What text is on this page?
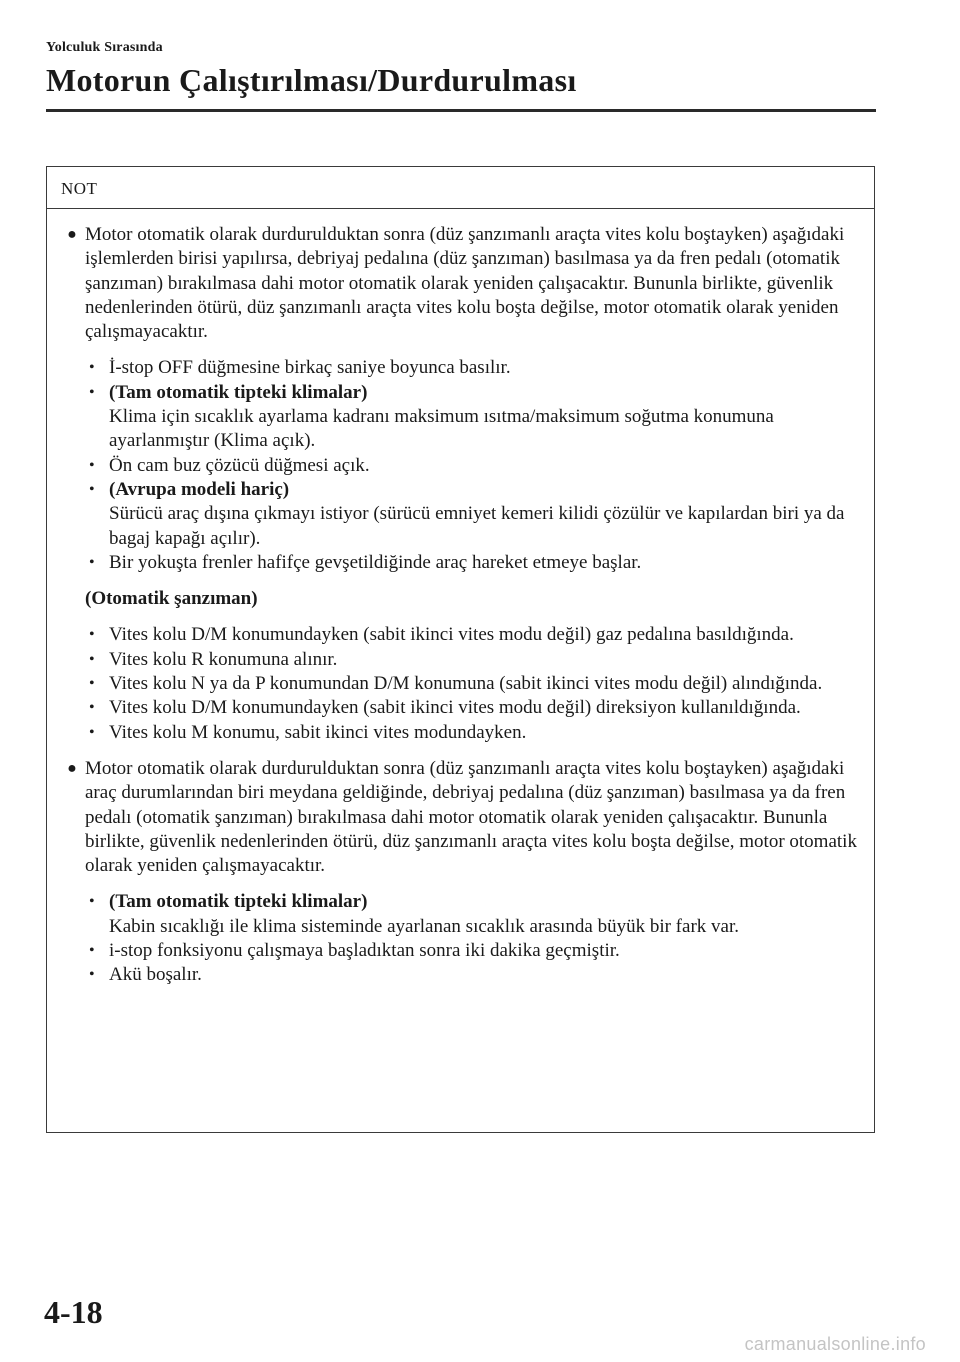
Yolculuk Sırasında
Motorun Çalıştırılması/Durdurulması
NOT
● Motor otomatik olarak durdurulduktan sonra (düz şanzımanlı araçta vites kolu boştayken) aşağıdaki işlemlerden birisi yapılırsa, debriyaj pedalına (düz şanzıman) basılmasa ya da fren pedalı (otomatik şanzıman) bırakılmasa dahi motor otomatik olarak yeniden çalışacaktır. Bununla birlikte, güvenlik nedenlerinden ötürü, düz şanzımanlı araçta vites kolu boşta değilse, motor otomatik olarak yeniden çalışmayacaktır.
• İ-stop OFF düğmesine birkaç saniye boyunca basılır.
• (Tam otomatik tipteki klimalar)
Klima için sıcaklık ayarlama kadranı maksimum ısıtma/maksimum soğutma konumuna ayarlanmıştır (Klima açık).
• Ön cam buz çözücü düğmesi açık.
• (Avrupa modeli hariç)
Sürücü araç dışına çıkmayı istiyor (sürücü emniyet kemeri kilidi çözülür ve kapılardan biri ya da bagaj kapağı açılır).
• Bir yokuşta frenler hafifçe gevşetildiğinde araç hareket etmeye başlar.

(Otomatik şanzıman)

• Vites kolu D/M konumundayken (sabit ikinci vites modu değil) gaz pedalına basıldığında.
• Vites kolu R konumuna alınır.
• Vites kolu N ya da P konumundan D/M konumuna (sabit ikinci vites modu değil) alındığında.
• Vites kolu D/M konumundayken (sabit ikinci vites modu değil) direksiyon kullanıldığında.
• Vites kolu M konumu, sabit ikinci vites modundayken.
● Motor otomatik olarak durdurulduktan sonra (düz şanzımanlı araçta vites kolu boştayken) aşağıdaki araç durumlarından biri meydana geldiğinde, debriyaj pedalına (düz şanzıman) basılmasa ya da fren pedalı (otomatik şanzıman) bırakılmasa dahi motor otomatik olarak yeniden çalışacaktır. Bununla birlikte, güvenlik nedenlerinden ötürü, düz şanzımanlı araçta vites kolu boşta değilse, motor otomatik olarak yeniden çalışmayacaktır.
• (Tam otomatik tipteki klimalar)
Kabin sıcaklığı ile klima sisteminde ayarlanan sıcaklık arasında büyük bir fark var.
• i-stop fonksiyonu çalışmaya başladıktan sonra iki dakika geçmiştir.
• Akü boşalır.
4-18
carmanualsonline.info
